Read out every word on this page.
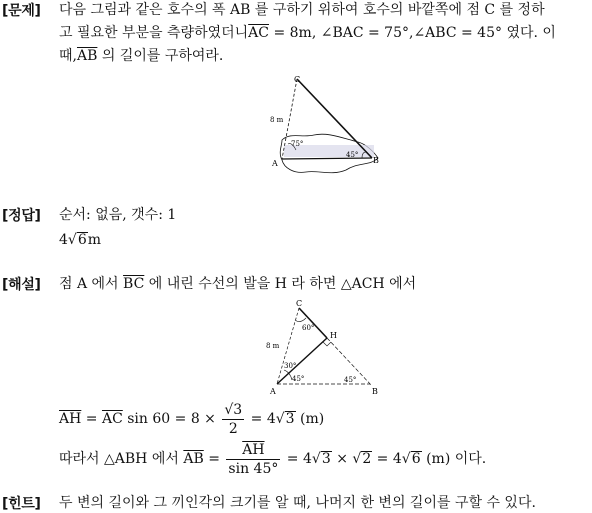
[문제] 다음 그림과 같은 호수의 폭 AB 를 구하기 위하여 호수의 바깥쪽에 점 C 를 정하
고 필요한 부분을 측량하였더니$\overline{AC} = 8m$, ∠BAC = 75°,∠ABC = 45° 였다. 이
때$,\overline{AB}$ 의 길이를 구하여라.
C
A	B
8 m
75°
45°
[정답] 순서: 없음, 갯수: 1
4√6m
[해설] 점 A 에서 $\overline{BC}$ 에 내린 수선의 발을 H 라 하면 △ACH 에서
C
H
A	B
8 m
60°
30°
45°	45°
$\overline{AH} = \overline{AC}$ $\sin 60 = 8 \times \frac{√3}{2} = 4√3$ (m)
따라서 △ABH 에서 $\overline{AB} = \frac{\overline{AH}}{\sin 45^\circ} = 4√3 \times √2 = 4√6$ (m) 이다.
[힌트] 두 변의 길이와 그 끼인각의 크기를 알 때, 나머지 한 변의 길이를 구할 수 있다.
